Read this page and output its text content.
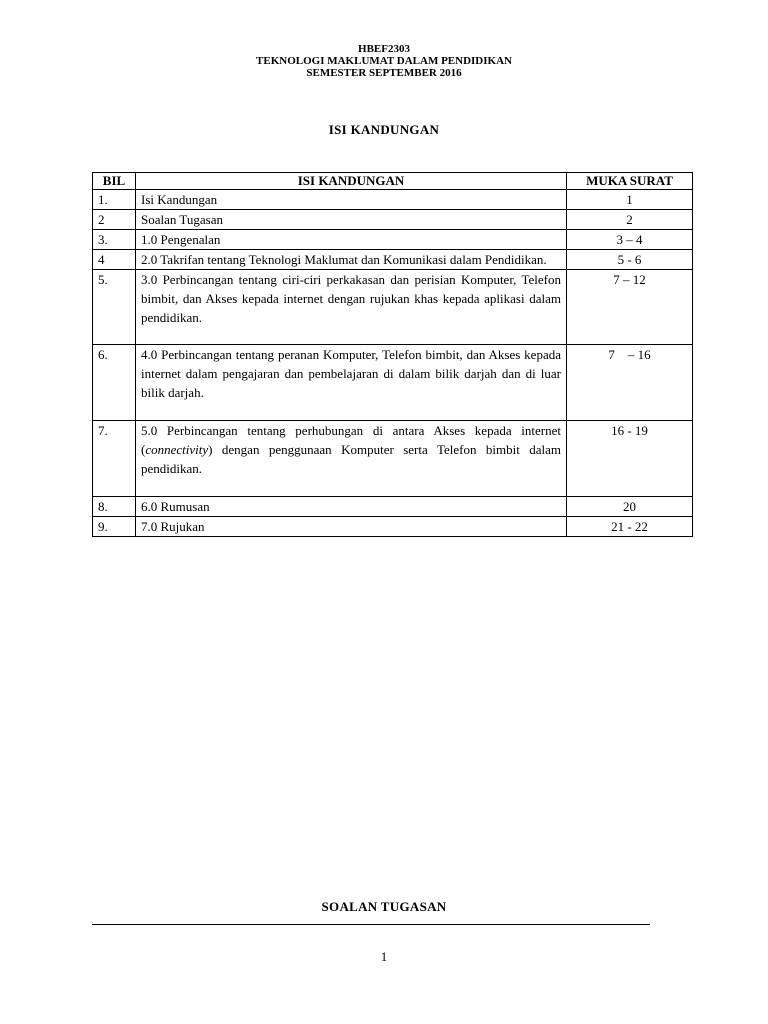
HBEF2303
TEKNOLOGI MAKLUMAT DALAM PENDIDIKAN
SEMESTER SEPTEMBER 2016
ISI KANDUNGAN
BIL	ISI KANDUNGAN	MUKA SURAT
1.	Isi Kandungan	1
2	Soalan Tugasan	2
3.	1.0 Pengenalan	3 – 4
4	2.0 Takrifan tentang Teknologi Maklumat dan Komunikasi dalam Pendidikan.	5 - 6
5.	3.0 Perbincangan tentang ciri-ciri perkakasan dan perisian Komputer, Telefon bimbit, dan Akses kepada internet dengan rujukan khas kepada aplikasi dalam pendidikan.	7 – 12
6.	4.0 Perbincangan tentang peranan Komputer, Telefon bimbit, dan Akses kepada internet dalam pengajaran dan pembelajaran di dalam bilik darjah dan di luar bilik darjah.	7    – 16
7.	5.0 Perbincangan tentang perhubungan di antara Akses kepada internet (connectivity) dengan penggunaan Komputer serta Telefon bimbit dalam pendidikan.	16 - 19
8.	6.0 Rumusan	20
9.	7.0 Rujukan	21 - 22
SOALAN TUGASAN
1
